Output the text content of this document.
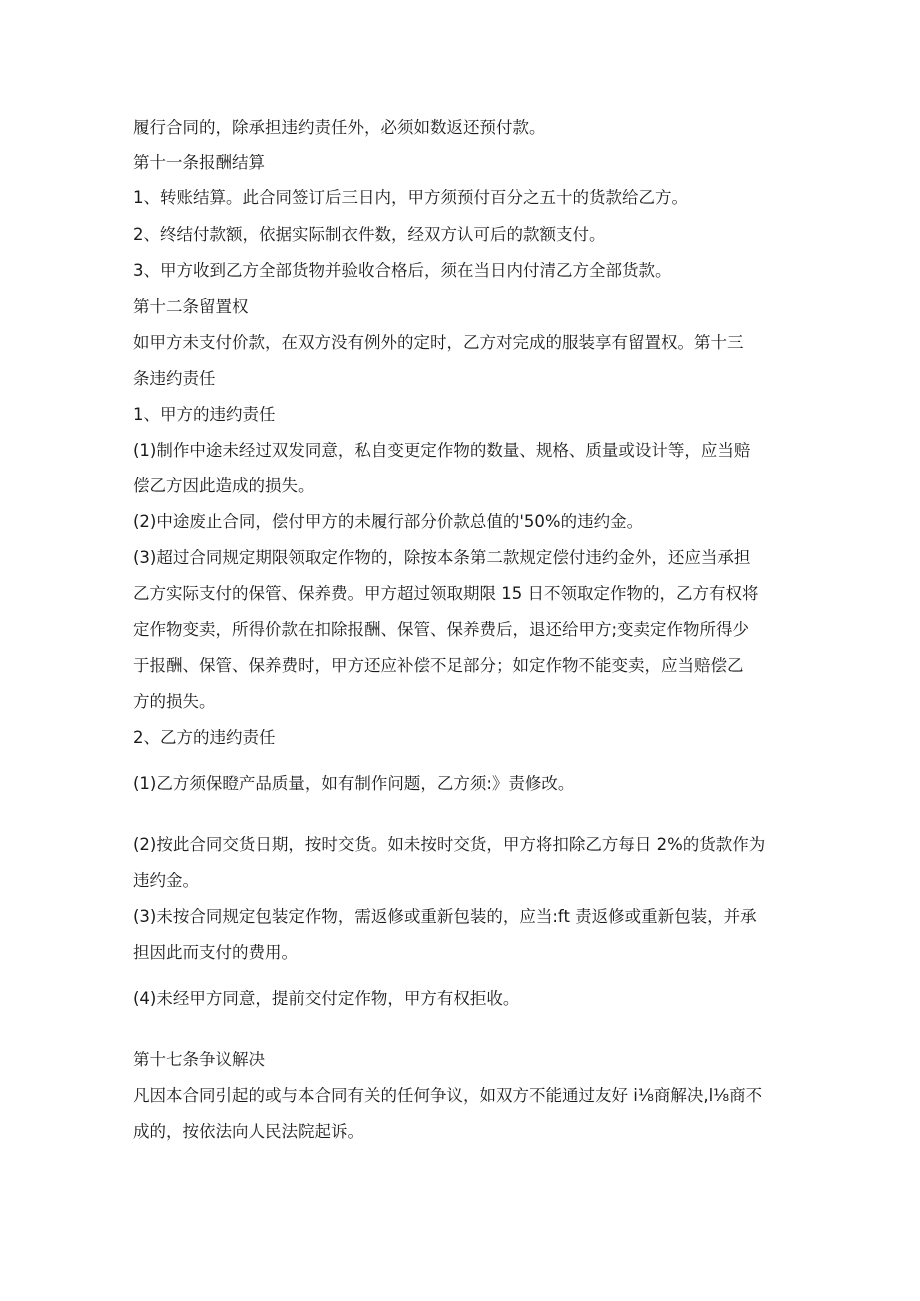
履行合同的，除承担违约责任外，必须如数返还预付款。
第十一条报酬结算
1、转账结算。此合同签订后三日内，甲方须预付百分之五十的货款给乙方。
2、终结付款额，依据实际制衣件数，经双方认可后的款额支付。
3、甲方收到乙方全部货物并验收合格后，须在当日内付清乙方全部货款。
第十二条留置权
如甲方未支付价款，在双方没有例外的定时，乙方对完成的服装享有留置权。第十三
条违约责任
1、甲方的违约责任
(1)制作中途未经过双发同意，私自变更定作物的数量、规格、质量或设计等，应当赔
偿乙方因此造成的损失。
(2)中途废止合同，偿付甲方的未履行部分价款总值的'50%的违约金。
(3)超过合同规定期限领取定作物的，除按本条第二款规定偿付违约金外，还应当承担
乙方实际支付的保管、保养费。甲方超过领取期限 15 日不领取定作物的，乙方有权将
定作物变卖，所得价款在扣除报酬、保管、保养费后，退还给甲方;变卖定作物所得少
于报酬、保管、保养费时，甲方还应补偿不足部分；如定作物不能变卖，应当赔偿乙
方的损失。
2、乙方的违约责任
(1)乙方须保瞪产品质量，如有制作问题，乙方须:》责修改。
(2)按此合同交货日期，按时交货。如未按时交货，甲方将扣除乙方每日 2%的货款作为
违约金。
(3)未按合同规定包装定作物，需返修或重新包装的，应当:ft 责返修或重新包装，并承
担因此而支付的费用。
(4)未经甲方同意，提前交付定作物，甲方有权拒收。
第十七条争议解决
凡因本合同引起的或与本合同有关的任何争议，如双方不能通过友好 i⅛商解决,l⅛商不
成的，按依法向人民法院起诉。
